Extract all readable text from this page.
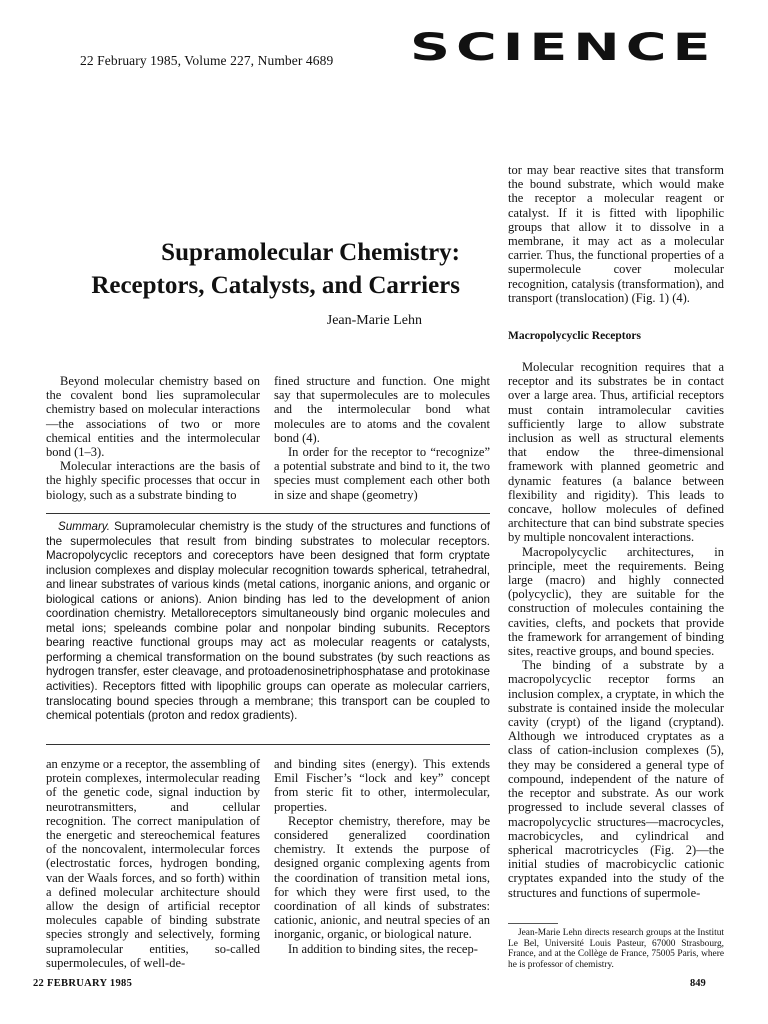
22 February 1985, Volume 227, Number 4689 SCIENCE
Supramolecular Chemistry:
Receptors, Catalysts, and Carriers
Jean-Marie Lehn

Beyond molecular chemistry based on the covalent bond lies supramolecular chemistry based on molecular interactions—the associations of two or more chemical entities and the intermolecular bond (1–3).

Molecular interactions are the basis of the highly specific processes that occur in biology, such as a substrate binding to

fined structure and function. One might say that supermolecules are to molecules and the intermolecular bond what molecules are to atoms and the covalent bond (4).

In order for the receptor to “recognize” a potential substrate and bind to it, the two species must complement each other both in size and shape (geometry)

Summary. Supramolecular chemistry is the study of the structures and functions of the supermolecules that result from binding substrates to molecular receptors. Macropolycyclic receptors and coreceptors have been designed that form cryptate inclusion complexes and display molecular recognition towards spherical, tetrahedral, and linear substrates of various kinds (metal cations, inorganic anions, and organic or biological cations or anions). Anion binding has led to the development of anion coordination chemistry. Metalloreceptors simultaneously bind organic molecules and metal ions; speleands combine polar and nonpolar binding subunits. Receptors bearing reactive functional groups may act as molecular reagents or catalysts, performing a chemical transformation on the bound substrates (by such reactions as hydrogen transfer, ester cleavage, and protoadenosinetriphosphatase and protokinase activities). Receptors fitted with lipophilic groups can operate as molecular carriers, translocating bound species through a membrane; this transport can be coupled to chemical potentials (proton and redox gradients).

an enzyme or a receptor, the assembling of protein complexes, intermolecular reading of the genetic code, signal induction by neurotransmitters, and cellular recognition. The correct manipulation of the energetic and stereochemical features of the noncovalent, intermolecular forces (electrostatic forces, hydrogen bonding, van der Waals forces, and so forth) within a defined molecular architecture should allow the design of artificial receptor molecules capable of binding substrate species strongly and selectively, forming supramolecular entities, so-called supermolecules, of well-de-

and binding sites (energy). This extends Emil Fischer’s “lock and key” concept from steric fit to other, intermolecular, properties.

Receptor chemistry, therefore, may be considered generalized coordination chemistry. It extends the purpose of designed organic complexing agents from the coordination of transition metal ions, for which they were first used, to the coordination of all kinds of substrates: cationic, anionic, and neutral species of an inorganic, organic, or biological nature.

In addition to binding sites, the recep-

tor may bear reactive sites that transform the bound substrate, which would make the receptor a molecular reagent or catalyst. If it is fitted with lipophilic groups that allow it to dissolve in a membrane, it may act as a molecular carrier. Thus, the functional properties of a supermolecule cover molecular recognition, catalysis (transformation), and transport (translocation) (Fig. 1) (4).

Macropolycyclic Receptors

Molecular recognition requires that a receptor and its substrates be in contact over a large area. Thus, artificial receptors must contain intramolecular cavities sufficiently large to allow substrate inclusion as well as structural elements that endow the three-dimensional framework with planned geometric and dynamic features (a balance between flexibility and rigidity). This leads to concave, hollow molecules of defined architecture that can bind substrate species by multiple noncovalent interactions.

Macropolycyclic architectures, in principle, meet the requirements. Being large (macro) and highly connected (polycyclic), they are suitable for the construction of molecules containing the cavities, clefts, and pockets that provide the framework for arrangement of binding sites, reactive groups, and bound species.

The binding of a substrate by a macropolycyclic receptor forms an inclusion complex, a cryptate, in which the substrate is contained inside the molecular cavity (crypt) of the ligand (cryptand). Although we introduced cryptates as a class of cation-inclusion complexes (5), they may be considered a general type of compound, independent of the nature of the receptor and substrate. As our work progressed to include several classes of macropolycyclic structures—macrocycles, macrobicycles, and cylindrical and spherical macrotricycles (Fig. 2)—the initial studies of macrobicyclic cationic cryptates expanded into the study of the structures and functions of supermole-

Jean-Marie Lehn directs research groups at the Institut Le Bel, Université Louis Pasteur, 67000 Strasbourg, France, and at the Collège de France, 75005 Paris, where he is professor of chemistry.

22 FEBRUARY 1985	849
